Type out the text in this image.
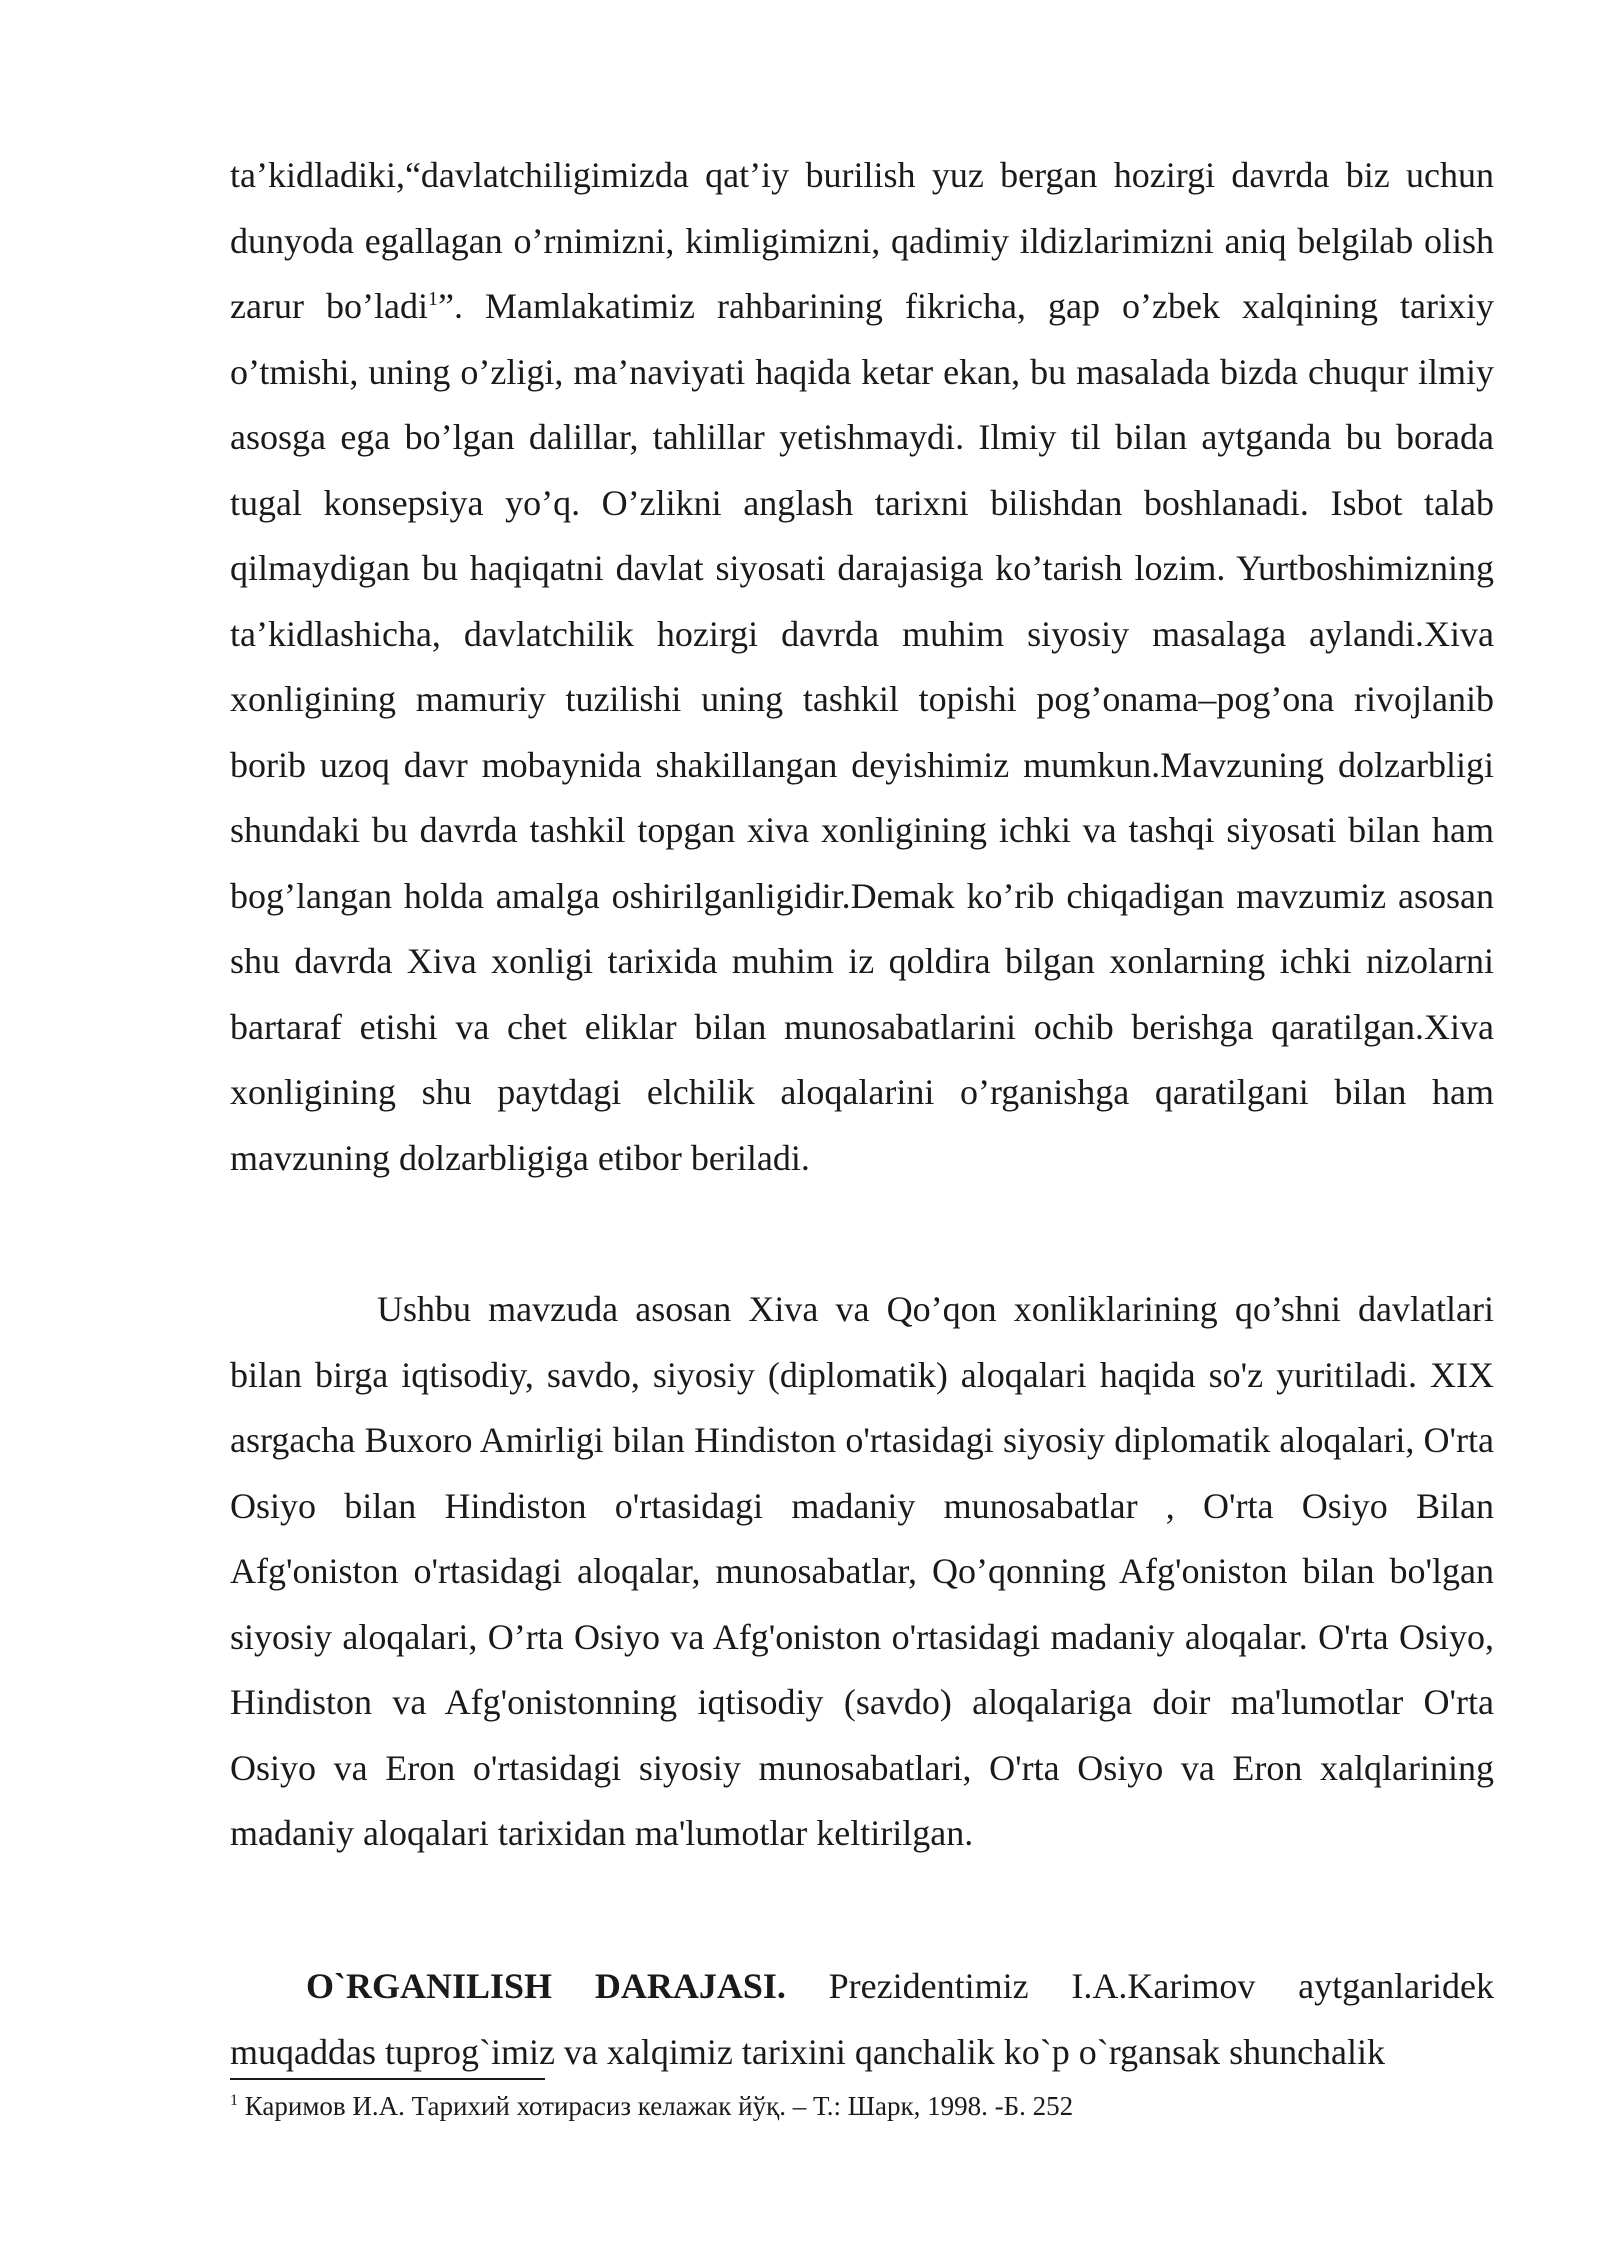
ta’kidladiki,“davlatchiligimizda qat’iy burilish yuz bergan hozirgi davrda biz uchun dunyoda egallagan o’rnimizni, kimligimizni, qadimiy ildizlarimizni aniq belgilab olish zarur bo’ladi$^1$”. Mamlakatimiz rahbarining fikricha, gap o’zbek xalqining tarixiy o’tmishi, uning o’zligi, ma’naviyati haqida ketar ekan, bu masalada bizda chuqur ilmiy asosga ega bo’lgan dalillar, tahlillar yetishmaydi. Ilmiy til bilan aytganda bu borada tugal konsepsiya yo’q. O’zlikni anglash tarixni bilishdan boshlanadi. Isbot talab qilmaydigan bu haqiqatni davlat siyosati darajasiga ko’tarish lozim. Yurtboshimizning ta’kidlashicha, davlatchilik hozirgi davrda muhim siyosiy masalaga aylandi.Xiva xonligining mamuriy tuzilishi uning tashkil topishi pog’onama–pog’ona rivojlanib borib uzoq davr mobaynida shakillangan deyishimiz mumkun.Mavzuning dolzarbligi shundaki bu davrda tashkil topgan xiva xonligining ichki va tashqi siyosati bilan ham bog’langan holda amalga oshirilganligidir.Demak ko’rib chiqadigan mavzumiz asosan shu davrda Xiva xonligi tarixida muhim iz qoldira bilgan xonlarning ichki nizolarni bartaraf etishi va chet eliklar bilan munosabatlarini ochib berishga qaratilgan.Xiva xonligining shu paytdagi elchilik aloqalarini o’rganishga qaratilgani bilan ham mavzuning dolzarbligiga etibor beriladi.

Ushbu mavzuda asosan Xiva va Qo’qon xonliklarining qo’shni davlatlari bilan birga iqtisodiy, savdo, siyosiy (diplomatik) aloqalari haqida so'z yuritiladi. XIX asrgacha Buxoro Amirligi bilan Hindiston o'rtasidagi siyosiy diplomatik aloqalari, O'rta Osiyo bilan Hindiston o'rtasidagi madaniy munosabatlar , O'rta Osiyo Bilan Afg'oniston o'rtasidagi aloqalar, munosabatlar, Qo’qonning Afg'oniston bilan bo'lgan siyosiy aloqalari, O’rta Osiyo va Afg'oniston o'rtasidagi madaniy aloqalar. O'rta Osiyo, Hindiston va Afg'onistonning iqtisodiy (savdo) aloqalariga doir ma'lumotlar O'rta Osiyo va Eron o'rtasidagi siyosiy munosabatlari, O'rta Osiyo va Eron xalqlarining madaniy aloqalari tarixidan ma'lumotlar keltirilgan.

O`RGANILISH DARAJASI. Prezidentimiz I.A.Karimov aytganlaridek muqaddas tuprog`imiz va xalqimiz tarixini qanchalik ko`p o`rgansak shunchalik

$^1$ Каримов И.А. Тарихий хотирасиз келажак йўқ. – Т.: Шарк, 1998. -Б. 252
